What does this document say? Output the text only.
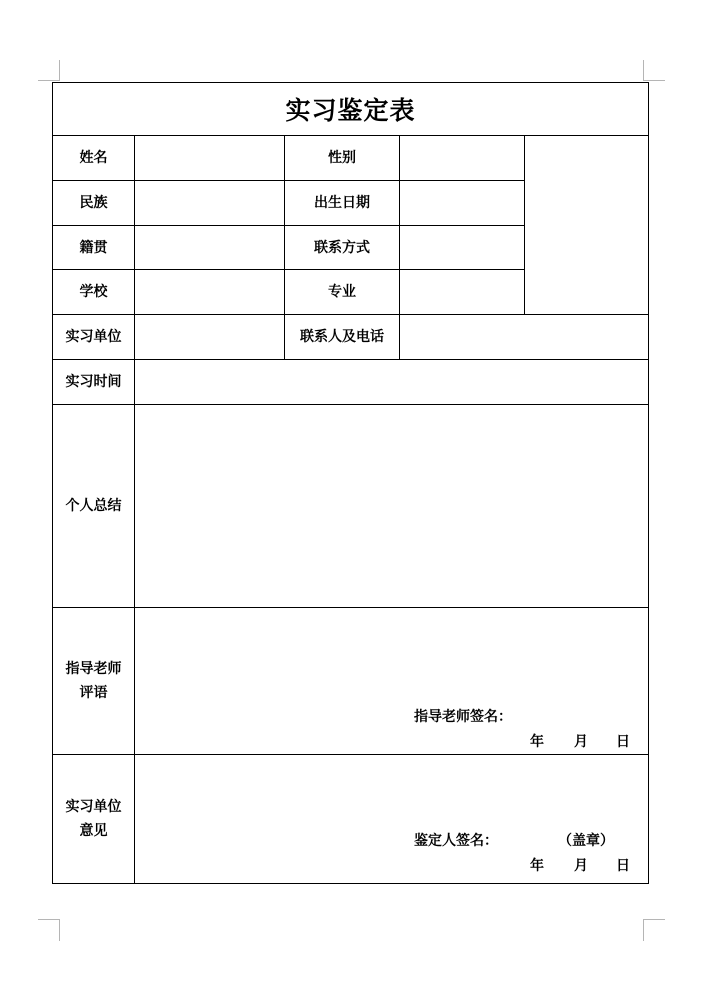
实习鉴定表
姓名	性别
民族	出生日期
籍贯	联系方式
学校	专业
实习单位	联系人及电话
实习时间
个人总结
指导老师
评语
指导老师签名：
年 月 日
实习单位
意见
鉴定人签名：	（盖章）
年 月 日
